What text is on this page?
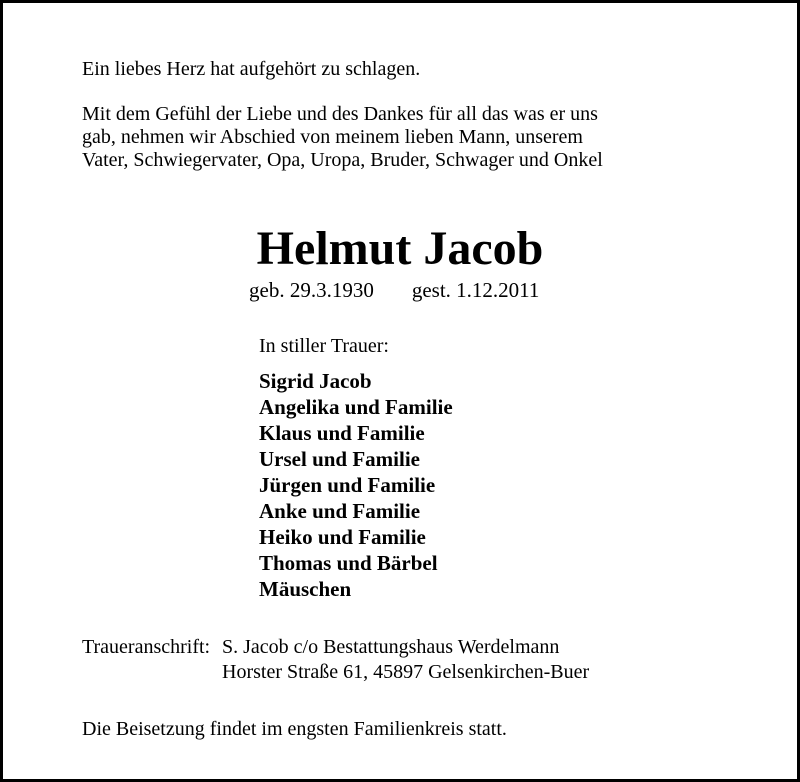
Ein liebes Herz hat aufgehört zu schlagen.
Mit dem Gefühl der Liebe und des Dankes für all das was er uns
gab, nehmen wir Abschied von meinem lieben Mann, unserem
Vater, Schwiegervater, Opa, Uropa, Bruder, Schwager und Onkel
Helmut Jacob
geb. 29.3.1930 gest. 1.12.2011
In stiller Trauer:
Sigrid Jacob
Angelika und Familie
Klaus und Familie
Ursel und Familie
Jürgen und Familie
Anke und Familie
Heiko und Familie
Thomas und Bärbel
Mäuschen
Traueranschrift: S. Jacob c/o Bestattungshaus Werdelmann
Horster Straße 61, 45897 Gelsenkirchen-Buer
Die Beisetzung findet im engsten Familienkreis statt.
